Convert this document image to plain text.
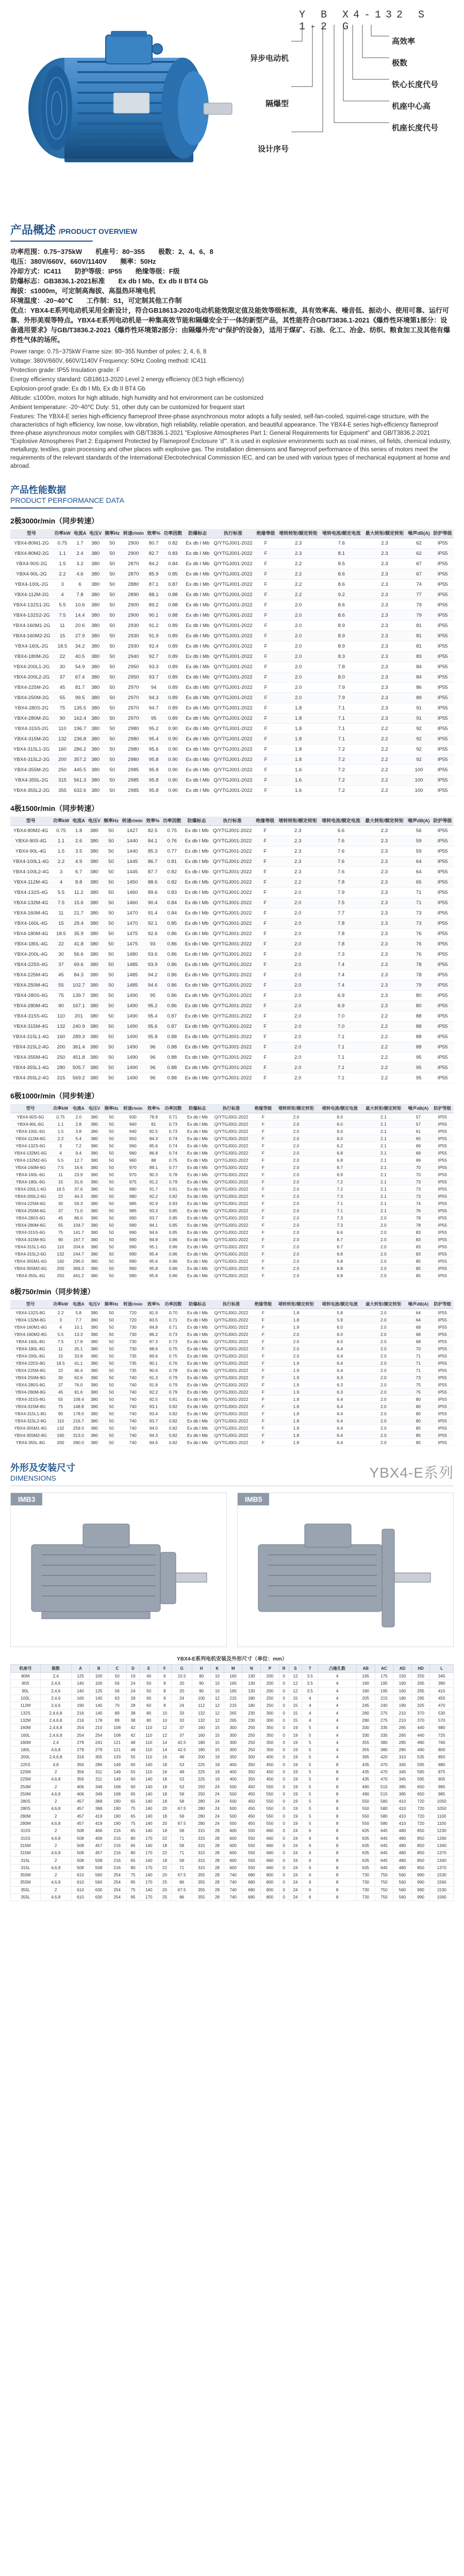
Y B X4-132 S 1-2 G
高效率
极数
铁心长度代号
机座中心高
机座长度代号
异步电动机
隔爆型
设计序号
产品概述 /PRODUCT OVERVIEW

功率范围：0.75~375kW　　机座号：80~355　　极数：2、4、6、8

电压：380V/660V、660V/1140V　　频率：50Hz

冷却方式：IC411　　防护等级：IP55　　绝缘等级：F级

防爆标志：GB3836.1-2021标准　　Ex db I Mb、Ex db II BT4 Gb

海拔：≤1000m，可定制高海拔、高温热环境电机

环境温度：-20~40℃　　工作制：S1，可定制其他工作制

优点：YBX4-E系列电动机采用全新设计，符合GB18613-2020电动机能效限定值及能效等级标准，具有效率高、噪音低、振动小、使用可靠、运行可靠、外形美观等特点。YBX4-E系列电动机是一种集高效节能和隔爆安全于一体的新型产品，其性能符合GB/T3836.1-2021《爆炸性环境第1部分：设备通用要求》与GB/T3836.2-2021《爆炸性环境第2部分：由隔爆外壳"d"保护的设备》，适用于煤矿、石油、化工、冶金、纺织、粮食加工及其他有爆炸性气体的场所。

Power range: 0.75~375kW Frame size: 80~355 Number of poles: 2, 4, 6, 8

Voltage: 380V/660V, 660V/1140V Frequency: 50Hz Cooling method: IC411

Protection grade: IP55 Insulation grade: F

Energy efficiency standard: GB18613-2020 Level 2 energy efficiency (IE3 high efficiency)

Explosion-proof grade: Ex db I Mb, Ex db II BT4 Gb

Altitude: ≤1000m, motors for high altitude, high humidity and hot environment can be customized

Ambient temperature: -20~40℃ Duty: S1, other duty can be customized for frequent start

Features: The YBX4-E series high-efficiency flameproof three-phase asynchronous motor adopts a fully sealed, self-fan-cooled, squirrel-cage structure, with the characteristics of high efficiency, low noise, low vibration, high reliability, reliable operation, and beautiful appearance. The YBX4-E series high-efficiency flameproof three-phase asynchronous motor complies with GB/T3836.1-2021 "Explosive Atmospheres Part 1: General Requirements for Equipment" and GB/T3836.2-2021 "Explosive Atmospheres Part 2: Equipment Protected by Flameproof Enclosure 'd'". It is used in explosive environments such as coal mines, oil fields, chemical industry, metallurgy, textiles, grain processing and other places with explosive gas. The installation dimensions and flameproof performance of this series of motors meet the requirements of the relevant standards of the International Electrotechnical Commission IEC, and can be used with various types of mechanical equipment at home and abroad.

产品性能数据
PRODUCT PERFORMANCE DATA
2极3000r/min（同步转速）
型号	功率kW	电流A	电压V	频率Hz	转速r/min	效率%	功率因数	防爆标志	执行标准	绝缘等级	堵转转矩/额定转矩	堵转电流/额定电流	最大转矩/额定转矩	噪声dB(A)	防护等级
YBX4-80M1-2G	0.75	1.7	380	50	2900	80.7	0.82	Ex db I Mb	Q/YTGJ001-2022	F	2.3	7.6	2.3	62	IP55
YBX4-80M2-2G	1.1	2.4	380	50	2900	82.7	0.83	Ex db I Mb	Q/YTGJ001-2022	F	2.3	8.1	2.3	62	IP55
YBX4-90S-2G	1.5	3.2	380	50	2870	84.2	0.84	Ex db I Mb	Q/YTGJ001-2022	F	2.2	8.5	2.3	67	IP55
YBX4-90L-2G	2.2	4.6	380	50	2870	85.9	0.85	Ex db I Mb	Q/YTGJ001-2022	F	2.2	8.6	2.3	67	IP55
YBX4-100L-2G	3	6	380	50	2880	87.1	0.87	Ex db I Mb	Q/YTGJ001-2022	F	2.2	8.6	2.3	74	IP55
YBX4-112M-2G	4	7.8	380	50	2890	88.1	0.88	Ex db I Mb	Q/YTGJ001-2022	F	2.2	9.2	2.3	77	IP55
YBX4-132S1-2G	5.5	10.6	380	50	2900	89.2	0.88	Ex db I Mb	Q/YTGJ001-2022	F	2.0	8.6	2.3	79	IP55
YBX4-132S2-2G	7.5	14.4	380	50	2900	90.1	0.88	Ex db I Mb	Q/YTGJ001-2022	F	2.0	8.6	2.3	79	IP55
YBX4-160M1-2G	11	20.6	380	50	2930	91.2	0.89	Ex db I Mb	Q/YTGJ001-2022	F	2.0	8.9	2.3	81	IP55
YBX4-160M2-2G	15	27.9	380	50	2930	91.9	0.89	Ex db I Mb	Q/YTGJ001-2022	F	2.0	8.9	2.3	81	IP55
YBX4-160L-2G	18.5	34.2	380	50	2930	92.4	0.89	Ex db I Mb	Q/YTGJ001-2022	F	2.0	8.9	2.3	81	IP55
YBX4-180M-2G	22	40.5	380	50	2940	92.7	0.89	Ex db I Mb	Q/YTGJ001-2022	F	2.0	8.3	2.3	83	IP55
YBX4-200L1-2G	30	54.9	380	50	2950	93.3	0.89	Ex db I Mb	Q/YTGJ001-2022	F	2.0	7.8	2.3	84	IP55
YBX4-200L2-2G	37	67.4	380	50	2950	93.7	0.89	Ex db I Mb	Q/YTGJ001-2022	F	2.0	8.0	2.3	84	IP55
YBX4-225M-2G	45	81.7	380	50	2970	94	0.89	Ex db I Mb	Q/YTGJ001-2022	F	2.0	7.9	2.3	86	IP55
YBX4-250M-2G	55	99.5	380	50	2970	94.3	0.89	Ex db I Mb	Q/YTGJ001-2022	F	2.0	7.9	2.3	89	IP55
YBX4-280S-2G	75	135.5	380	50	2970	94.7	0.89	Ex db I Mb	Q/YTGJ001-2022	F	1.8	7.1	2.3	91	IP55
YBX4-280M-2G	90	162.4	380	50	2970	95	0.89	Ex db I Mb	Q/YTGJ001-2022	F	1.8	7.1	2.3	91	IP55
YBX4-315S-2G	110	196.7	380	50	2980	95.2	0.90	Ex db I Mb	Q/YTGJ001-2022	F	1.8	7.1	2.2	92	IP55
YBX4-315M-2G	132	236.8	380	50	2980	95.4	0.90	Ex db I Mb	Q/YTGJ001-2022	F	1.8	7.1	2.2	92	IP55
YBX4-315L1-2G	160	286.2	380	50	2980	95.6	0.90	Ex db I Mb	Q/YTGJ001-2022	F	1.8	7.2	2.2	92	IP55
YBX4-315L2-2G	200	357.2	380	50	2980	95.8	0.90	Ex db I Mb	Q/YTGJ001-2022	F	1.8	7.2	2.2	92	IP55
YBX4-355M-2G	250	445.5	380	50	2985	95.8	0.90	Ex db I Mb	Q/YTGJ001-2022	F	1.6	7.2	2.2	100	IP55
YBX4-355L-2G	315	561.3	380	50	2985	95.8	0.90	Ex db I Mb	Q/YTGJ001-2022	F	1.6	7.2	2.2	100	IP55
YBX4-355L2-2G	355	632.6	380	50	2985	95.8	0.90	Ex db I Mb	Q/YTGJ001-2022	F	1.6	7.2	2.2	100	IP55
4极1500r/min（同步转速）
型号	功率kW	电流A	电压V	频率Hz	转速r/min	效率%	功率因数	防爆标志	执行标准	绝缘等级	堵转转矩/额定转矩	堵转电流/额定电流	最大转矩/额定转矩	噪声dB(A)	防护等级
YBX4-80M2-4G	0.75	1.8	380	50	1427	82.5	0.75	Ex db I Mb	Q/YTGJ001-2022	F	2.3	6.6	2.3	56	IP55
YBX4-90S-4G	1.1	2.6	380	50	1440	84.1	0.76	Ex db I Mb	Q/YTGJ001-2022	F	2.3	7.6	2.3	59	IP55
YBX4-90L-4G	1.5	3.5	380	50	1440	85.3	0.77	Ex db I Mb	Q/YTGJ001-2022	F	2.3	7.6	2.3	59	IP55
YBX4-100L1-4G	2.2	4.9	380	50	1445	86.7	0.81	Ex db I Mb	Q/YTGJ001-2022	F	2.3	7.6	2.3	64	IP55
YBX4-100L2-4G	3	6.7	380	50	1445	87.7	0.82	Ex db I Mb	Q/YTGJ001-2022	F	2.3	7.6	2.3	64	IP55
YBX4-112M-4G	4	8.8	380	50	1450	88.6	0.82	Ex db I Mb	Q/YTGJ001-2022	F	2.2	7.8	2.3	65	IP55
YBX4-132S-4G	5.5	11.2	380	50	1460	89.6	0.83	Ex db I Mb	Q/YTGJ001-2022	F	2.0	7.9	2.3	71	IP55
YBX4-132M-4G	7.5	15.6	380	50	1460	90.4	0.84	Ex db I Mb	Q/YTGJ001-2022	F	2.0	7.5	2.3	71	IP55
YBX4-160M-4G	11	21.7	380	50	1470	91.4	0.84	Ex db I Mb	Q/YTGJ001-2022	F	2.0	7.7	2.3	73	IP55
YBX4-160L-4G	15	29.4	380	50	1470	92.1	0.85	Ex db I Mb	Q/YTGJ001-2022	F	2.0	7.8	2.3	73	IP55
YBX4-180M-4G	18.5	35.9	380	50	1475	92.6	0.86	Ex db I Mb	Q/YTGJ001-2022	F	2.0	7.8	2.3	76	IP55
YBX4-180L-4G	22	41.8	380	50	1475	93	0.86	Ex db I Mb	Q/YTGJ001-2022	F	2.0	7.8	2.3	76	IP55
YBX4-200L-4G	30	56.6	380	50	1480	93.6	0.86	Ex db I Mb	Q/YTGJ001-2022	F	2.0	7.3	2.3	76	IP55
YBX4-225S-4G	37	69.6	380	50	1485	93.9	0.86	Ex db I Mb	Q/YTGJ001-2022	F	2.0	7.4	2.3	78	IP55
YBX4-225M-4G	45	84.3	380	50	1485	94.2	0.86	Ex db I Mb	Q/YTGJ001-2022	F	2.0	7.4	2.3	78	IP55
YBX4-250M-4G	55	102.7	380	50	1485	94.6	0.86	Ex db I Mb	Q/YTGJ001-2022	F	2.0	7.4	2.3	79	IP55
YBX4-280S-4G	75	139.7	380	50	1490	95	0.86	Ex db I Mb	Q/YTGJ001-2022	F	2.0	6.9	2.3	80	IP55
YBX4-280M-4G	90	167.1	380	50	1490	95.2	0.86	Ex db I Mb	Q/YTGJ001-2022	F	2.0	6.9	2.3	80	IP55
YBX4-315S-4G	110	201	380	50	1490	95.4	0.87	Ex db I Mb	Q/YTGJ001-2022	F	2.0	7.0	2.2	88	IP55
YBX4-315M-4G	132	240.9	380	50	1490	95.6	0.87	Ex db I Mb	Q/YTGJ001-2022	F	2.0	7.0	2.2	88	IP55
YBX4-315L1-4G	160	289.3	380	50	1490	95.8	0.88	Ex db I Mb	Q/YTGJ001-2022	F	2.0	7.1	2.2	88	IP55
YBX4-315L2-4G	200	361.4	380	50	1490	96	0.88	Ex db I Mb	Q/YTGJ001-2022	F	2.0	7.1	2.2	88	IP55
YBX4-355M-4G	250	451.8	380	50	1490	96	0.88	Ex db I Mb	Q/YTGJ001-2022	F	2.0	7.1	2.2	95	IP55
YBX4-355L1-4G	280	505.7	380	50	1490	96	0.88	Ex db I Mb	Q/YTGJ001-2022	F	2.0	7.1	2.2	95	IP55
YBX4-355L2-4G	315	569.2	380	50	1490	96	0.88	Ex db I Mb	Q/YTGJ001-2022	F	2.0	7.1	2.2	95	IP55
6极1000r/min（同步转速）
型号	功率kW	电流A	电压V	频率Hz	转速r/min	效率%	功率因数	防爆标志	执行标准	绝缘等级	堵转转矩/额定转矩	堵转电流/额定电流	最大转矩/额定转矩	噪声dB(A)	防护等级
YBX4-90S-6G	0.75	2.0	380	50	930	78.9	0.71	Ex db I Mb	Q/YTGJ001-2022	F	2.0	6.0	2.1	57	IP55
YBX4-90L-6G	1.1	2.8	380	50	940	81	0.73	Ex db I Mb	Q/YTGJ001-2022	F	2.0	6.0	2.1	57	IP55
YBX4-100L-6G	1.5	3.8	380	50	940	82.5	0.73	Ex db I Mb	Q/YTGJ001-2022	F	2.0	6.0	2.1	61	IP55
YBX4-112M-6G	2.2	5.4	380	50	950	84.3	0.74	Ex db I Mb	Q/YTGJ001-2022	F	2.0	6.0	2.1	65	IP55
YBX4-132S-6G	3	7.2	380	50	960	85.6	0.74	Ex db I Mb	Q/YTGJ001-2022	F	2.0	6.2	2.1	69	IP55
YBX4-132M1-6G	4	9.4	380	50	960	86.8	0.74	Ex db I Mb	Q/YTGJ001-2022	F	2.0	6.8	2.1	69	IP55
YBX4-132M2-6G	5.5	12.7	380	50	960	88	0.75	Ex db I Mb	Q/YTGJ001-2022	F	2.0	6.8	2.1	69	IP55
YBX4-160M-6G	7.5	16.6	380	50	970	89.1	0.77	Ex db I Mb	Q/YTGJ001-2022	F	2.0	6.7	2.1	70	IP55
YBX4-160L-6G	11	23.9	380	50	970	90.3	0.78	Ex db I Mb	Q/YTGJ001-2022	F	2.0	6.9	2.1	70	IP55
YBX4-180L-6G	15	31.6	380	50	975	91.2	0.79	Ex db I Mb	Q/YTGJ001-2022	F	2.0	7.2	2.1	73	IP55
YBX4-200L1-6G	18.5	37.6	380	50	980	91.7	0.81	Ex db I Mb	Q/YTGJ001-2022	F	2.0	7.2	2.1	73	IP55
YBX4-200L2-6G	22	44.3	380	50	980	92.2	0.82	Ex db I Mb	Q/YTGJ001-2022	F	2.0	7.3	2.1	73	IP55
YBX4-225M-6G	30	59.3	380	50	985	92.9	0.83	Ex db I Mb	Q/YTGJ001-2022	F	2.0	7.1	2.1	74	IP55
YBX4-250M-6G	37	71.0	380	50	985	93.3	0.85	Ex db I Mb	Q/YTGJ001-2022	F	2.0	7.1	2.1	76	IP55
YBX4-280S-6G	45	86.0	380	50	990	93.7	0.85	Ex db I Mb	Q/YTGJ001-2022	F	2.0	7.3	2.0	78	IP55
YBX4-280M-6G	55	104.7	380	50	990	94.1	0.85	Ex db I Mb	Q/YTGJ001-2022	F	2.0	7.3	2.0	78	IP55
YBX4-315S-6G	75	141.7	380	50	990	94.6	0.85	Ex db I Mb	Q/YTGJ001-2022	F	2.0	6.6	2.0	83	IP55
YBX4-315M-6G	90	167.7	380	50	990	94.9	0.86	Ex db I Mb	Q/YTGJ001-2022	F	2.0	6.7	2.0	83	IP55
YBX4-315L1-6G	110	204.6	380	50	990	95.1	0.86	Ex db I Mb	Q/YTGJ001-2022	F	2.0	6.7	2.0	83	IP55
YBX4-315L2-6G	132	244.7	380	50	990	95.4	0.86	Ex db I Mb	Q/YTGJ001-2022	F	2.0	6.8	2.0	83	IP55
YBX4-355M1-6G	160	296.0	380	50	990	95.6	0.86	Ex db I Mb	Q/YTGJ001-2022	F	2.0	6.8	2.0	85	IP55
YBX4-355M2-6G	200	369.3	380	50	990	95.8	0.86	Ex db I Mb	Q/YTGJ001-2022	F	2.0	6.8	2.0	85	IP55
YBX4-355L-6G	250	461.2	380	50	990	95.8	0.86	Ex db I Mb	Q/YTGJ001-2022	F	2.0	6.8	2.0	85	IP55
8极750r/min（同步转速）
型号	功率kW	电流A	电压V	频率Hz	转速r/min	效率%	功率因数	防爆标志	执行标准	绝缘等级	堵转转矩/额定转矩	堵转电流/额定电流	最大转矩/额定转矩	噪声dB(A)	防护等级
YBX4-132S-8G	2.2	5.8	380	50	720	81.9	0.70	Ex db I Mb	Q/YTGJ001-2022	F	1.8	5.8	2.0	64	IP55
YBX4-132M-8G	3	7.7	380	50	720	83.5	0.71	Ex db I Mb	Q/YTGJ001-2022	F	1.8	5.9	2.0	64	IP55
YBX4-160M1-8G	4	10.1	380	50	730	84.8	0.71	Ex db I Mb	Q/YTGJ001-2022	F	1.9	6.0	2.0	68	IP55
YBX4-160M2-8G	5.5	13.3	380	50	730	86.2	0.73	Ex db I Mb	Q/YTGJ001-2022	F	2.0	6.0	2.0	68	IP55
YBX4-160L-8G	7.5	17.8	380	50	730	87.3	0.73	Ex db I Mb	Q/YTGJ001-2022	F	2.0	6.0	2.0	68	IP55
YBX4-180L-8G	11	25.1	380	50	730	88.6	0.75	Ex db I Mb	Q/YTGJ001-2022	F	2.0	6.4	2.0	70	IP55
YBX4-200L-8G	15	33.8	380	50	735	89.6	0.75	Ex db I Mb	Q/YTGJ001-2022	F	2.0	6.4	2.0	71	IP55
YBX4-225S-8G	18.5	41.1	380	50	735	90.1	0.76	Ex db I Mb	Q/YTGJ001-2022	F	1.9	6.4	2.0	71	IP55
YBX4-225M-8G	22	46.4	380	50	735	90.6	0.78	Ex db I Mb	Q/YTGJ001-2022	F	1.9	6.4	2.0	71	IP55
YBX4-250M-8G	30	62.6	380	50	740	91.3	0.79	Ex db I Mb	Q/YTGJ001-2022	F	1.9	6.3	2.0	73	IP55
YBX4-280S-8G	37	76.0	380	50	740	91.8	0.79	Ex db I Mb	Q/YTGJ001-2022	F	1.9	6.3	2.0	75	IP55
YBX4-280M-8G	45	91.6	380	50	740	92.2	0.79	Ex db I Mb	Q/YTGJ001-2022	F	1.9	6.3	2.0	75	IP55
YBX4-315S-8G	55	109.4	380	50	740	92.5	0.81	Ex db I Mb	Q/YTGJ001-2022	F	1.8	6.4	2.0	80	IP55
YBX4-315M-8G	75	148.8	380	50	740	93.1	0.82	Ex db I Mb	Q/YTGJ001-2022	F	1.8	6.4	2.0	80	IP55
YBX4-315L1-8G	90	178.0	380	50	740	93.4	0.82	Ex db I Mb	Q/YTGJ001-2022	F	1.8	6.4	2.0	80	IP55
YBX4-315L2-8G	110	216.7	380	50	740	93.7	0.82	Ex db I Mb	Q/YTGJ001-2022	F	1.8	6.4	2.0	80	IP55
YBX4-355M1-8G	132	259.0	380	50	740	94.0	0.82	Ex db I Mb	Q/YTGJ001-2022	F	1.8	6.4	2.0	85	IP55
YBX4-355M2-8G	160	313.0	380	50	740	94.3	0.82	Ex db I Mb	Q/YTGJ001-2022	F	1.8	6.4	2.0	85	IP55
YBX4-355L-8G	200	390.0	380	50	740	94.6	0.82	Ex db I Mb	Q/YTGJ001-2022	F	1.8	6.4	2.0	85	IP55
外形及安装尺寸
DIMENSIONS	YBX4-E系列
IMB3	IMB5
YBX4-E系列电机安装及外形尺寸（单位：mm）
机座号	极数	A	B	C	D	E	F	G	H	K	M	N	P	R	S	T	凸缘孔数	AB	AC	AD	HD	L
80M	2,4	125	100	50	19	40	6	15.5	80	10	165	130	200	0	12	3.5	4	165	175	150	255	345
90S	2,4,6	140	100	56	24	50	8	20	90	10	165	130	200	0	12	3.5	4	180	195	160	265	390
90L	2,4,6	140	125	56	24	50	8	20	90	10	165	130	200	0	12	3.5	4	180	195	160	265	415
100L	2,4,6	160	140	63	28	60	8	24	100	12	215	180	250	0	15	4	4	205	215	180	295	455
112M	2,4,6	190	140	70	28	60	8	24	112	12	215	180	250	0	15	4	4	245	240	190	325	470
132S	2,4,6,8	216	140	89	38	80	10	33	132	12	265	230	300	0	15	4	4	280	275	210	370	530
132M	2,4,6,8	216	178	89	38	80	10	33	132	12	265	230	300	0	15	4	4	280	275	210	370	570
160M	2,4,6,8	254	210	108	42	110	12	37	160	15	300	250	350	0	19	5	4	330	335	265	440	680
160L	2,4,6,8	254	254	108	42	110	12	37	160	15	300	250	350	0	19	5	4	330	335	265	440	725
180M	2,4	279	241	121	48	110	14	42.5	180	15	300	250	350	0	19	5	4	355	380	285	490	760
180L	4,6,8	279	279	121	48	110	14	42.5	180	15	300	250	350	0	19	5	4	355	380	285	490	800
200L	2,4,6,8	318	305	133	55	110	16	49	200	19	350	300	400	0	19	5	4	395	420	310	535	850
225S	4,8	356	286	149	60	140	18	53	225	19	400	350	450	0	19	5	8	435	470	345	595	880
225M	2	356	311	149	55	110	16	49	225	19	400	350	450	0	19	5	8	435	470	345	595	875
225M	4,6,8	356	311	149	60	140	18	53	225	19	400	350	450	0	19	5	8	435	470	345	595	905
250M	2	406	349	168	60	140	18	53	250	24	500	450	550	0	19	5	8	490	515	385	650	985
250M	4,6,8	406	349	168	65	140	18	58	250	24	500	450	550	0	19	5	8	490	515	385	650	985
280S	2	457	368	190	65	140	18	58	280	24	500	450	550	0	19	5	8	550	580	410	720	1050
280S	4,6,8	457	368	190	75	140	20	67.5	280	24	500	450	550	0	19	5	8	550	580	410	720	1050
280M	2	457	419	190	65	140	18	58	280	24	500	450	550	0	19	5	8	550	580	410	720	1100
280M	4,6,8	457	419	190	75	140	20	67.5	280	24	500	450	550	0	19	5	8	550	580	410	720	1100
315S	2	508	406	216	65	140	18	58	315	28	600	550	660	0	24	6	8	635	645	480	850	1230
315S	4,6,8	508	406	216	80	170	22	71	315	28	600	550	660	0	24	6	8	635	645	480	850	1260
315M	2	508	457	216	65	140	18	58	315	28	600	550	660	0	24	6	8	635	645	480	850	1340
315M	4,6,8	508	457	216	80	170	22	71	315	28	600	550	660	0	24	6	8	635	645	480	850	1370
315L	2	508	508	216	65	140	18	58	315	28	600	550	660	0	24	6	8	635	645	480	850	1340
315L	4,6,8	508	508	216	80	170	22	71	315	28	600	550	660	0	24	6	8	635	645	480	850	1370
355M	2	610	560	254	75	140	20	67.5	355	28	740	680	800	0	24	6	8	730	750	560	990	1530
355M	4,6,8	610	560	254	95	170	25	86	355	28	740	680	800	0	24	6	8	730	750	560	990	1560
355L	2	610	630	254	75	140	20	67.5	355	28	740	680	800	0	24	6	8	730	750	560	990	1530
355L	4,6,8	610	630	254	95	170	25	86	355	28	740	680	800	0	24	6	8	730	750	560	990	1560
